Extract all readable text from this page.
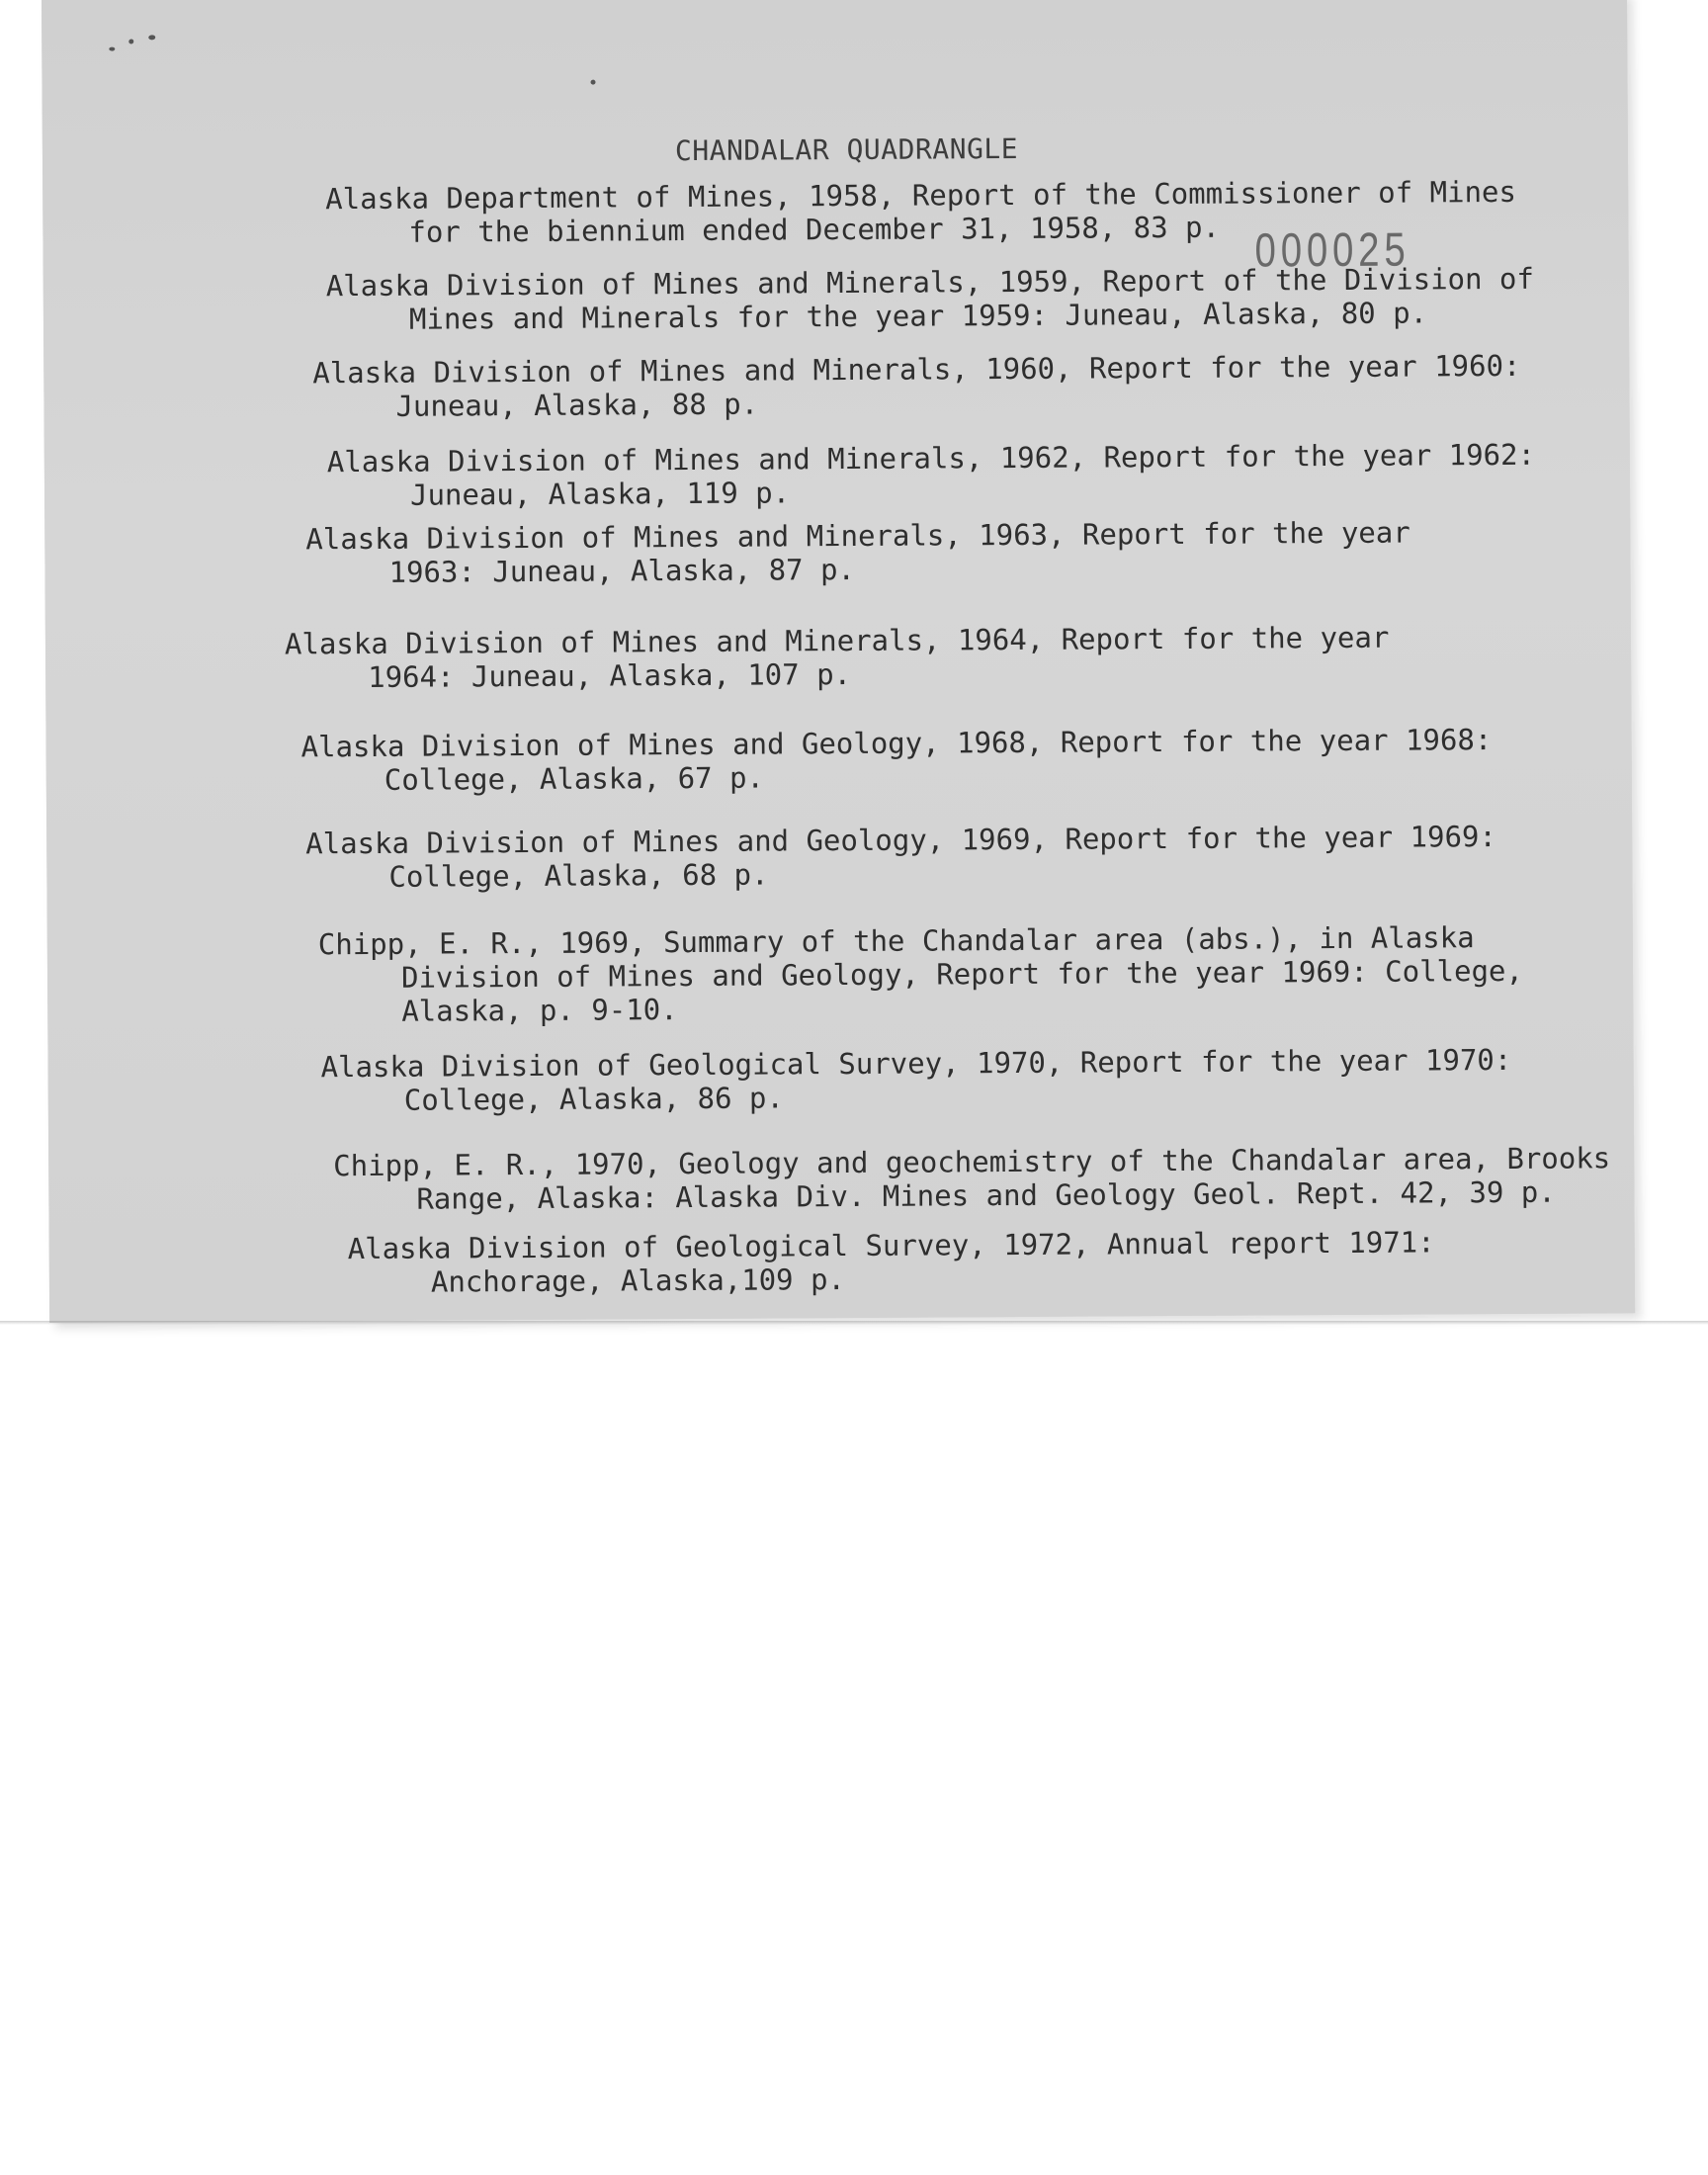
CHANDALAR QUADRANGLE
000025
Alaska Department of Mines, 1958, Report of the Commissioner of Mines
for the biennium ended December 31, 1958, 83 p.
Alaska Division of Mines and Minerals, 1959, Report of the Division of
Mines and Minerals for the year 1959: Juneau, Alaska, 80 p.
Alaska Division of Mines and Minerals, 1960, Report for the year 1960:
Juneau, Alaska, 88 p.
Alaska Division of Mines and Minerals, 1962, Report for the year 1962:
Juneau, Alaska, 119 p.
Alaska Division of Mines and Minerals, 1963, Report for the year
1963: Juneau, Alaska, 87 p.
Alaska Division of Mines and Minerals, 1964, Report for the year
1964: Juneau, Alaska, 107 p.
Alaska Division of Mines and Geology, 1968, Report for the year 1968:
College, Alaska, 67 p.
Alaska Division of Mines and Geology, 1969, Report for the year 1969:
College, Alaska, 68 p.
Chipp, E. R., 1969, Summary of the Chandalar area (abs.), in Alaska
Division of Mines and Geology, Report for the year 1969: College,
Alaska, p. 9-10.
Alaska Division of Geological Survey, 1970, Report for the year 1970:
College, Alaska, 86 p.
Chipp, E. R., 1970, Geology and geochemistry of the Chandalar area, Brooks
Range, Alaska: Alaska Div. Mines and Geology Geol. Rept. 42, 39 p.
Alaska Division of Geological Survey, 1972, Annual report 1971:
Anchorage, Alaska,109 p.
